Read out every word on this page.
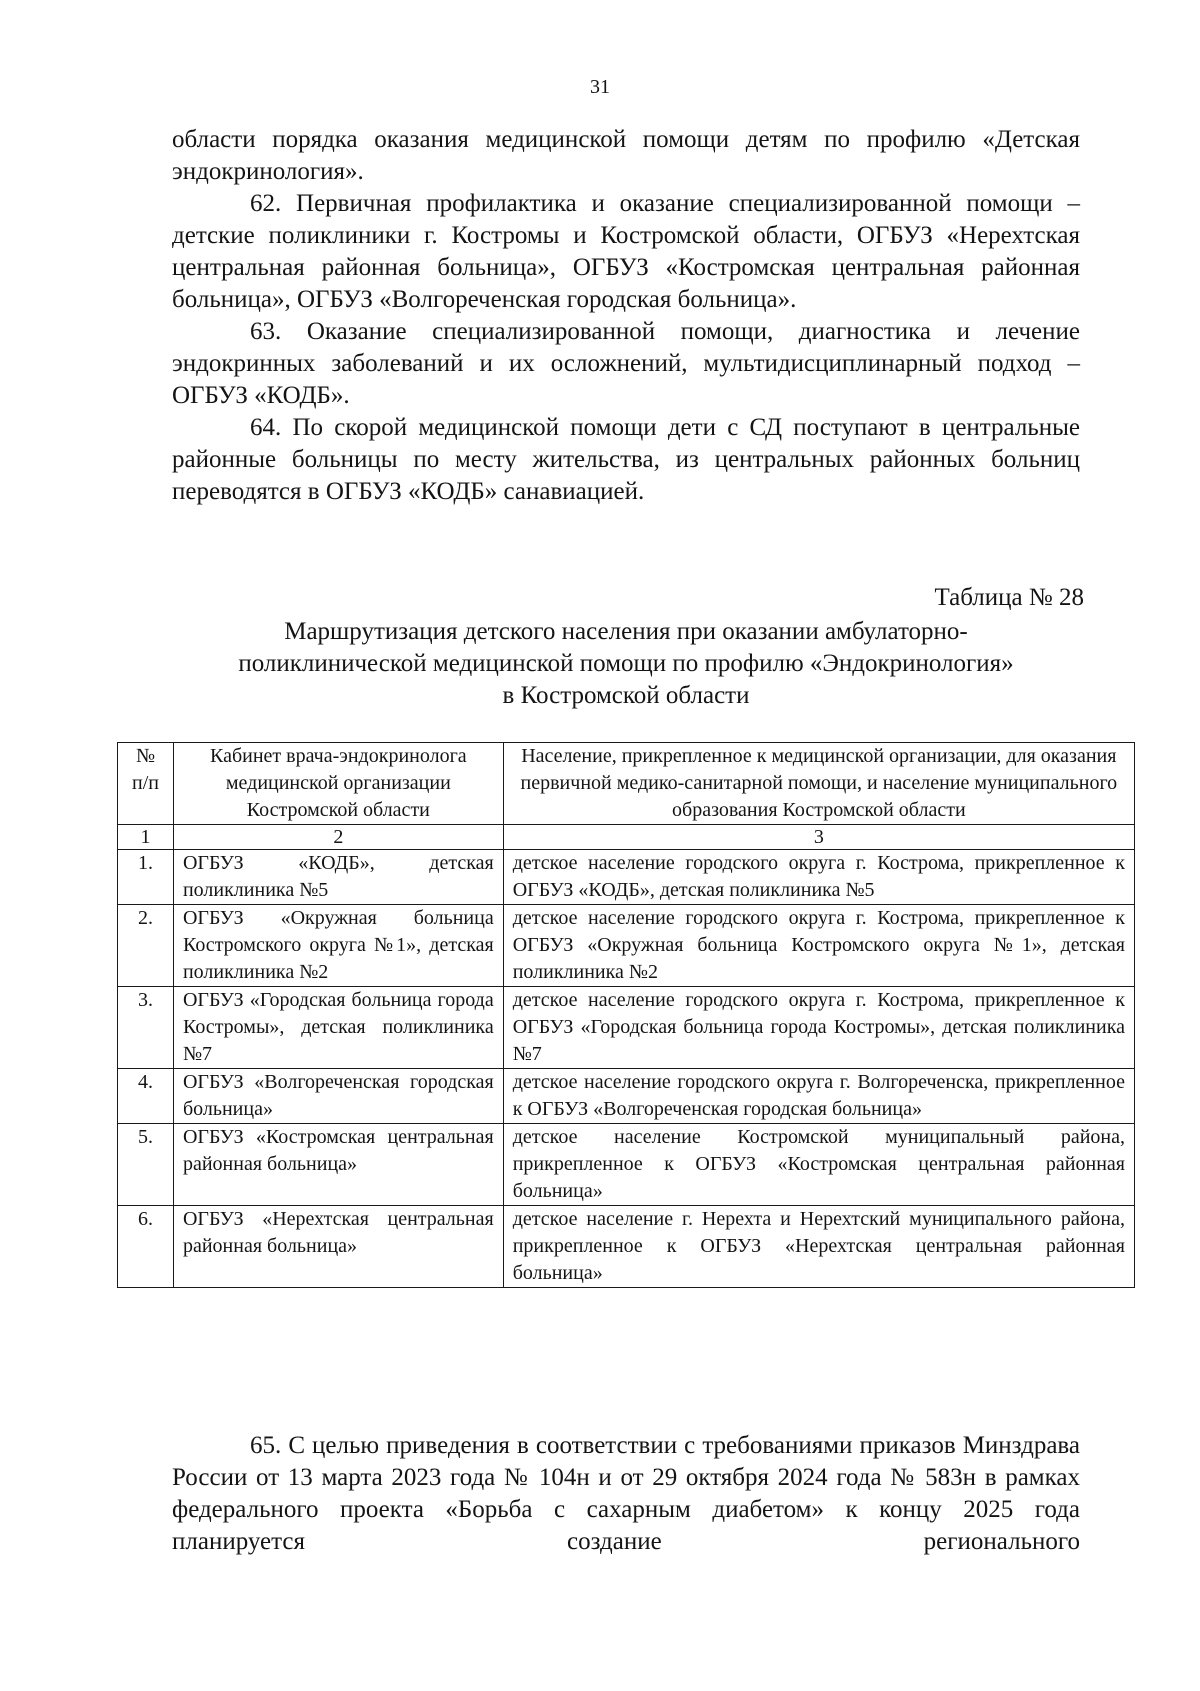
31

области порядка оказания медицинской помощи детям по профилю «Детская эндокринология».

62. Первичная профилактика и оказание специализированной помощи – детские поликлиники г. Костромы и Костромской области, ОГБУЗ «Нерехтская центральная районная больница», ОГБУЗ «Костромская центральная районная больница», ОГБУЗ «Волгореченская городская больница».

63. Оказание специализированной помощи, диагностика и лечение эндокринных заболеваний и их осложнений, мультидисциплинарный подход – ОГБУЗ «КОДБ».

64. По скорой медицинской помощи дети с СД поступают в центральные районные больницы по месту жительства, из центральных районных больниц переводятся в ОГБУЗ «КОДБ» санавиацией.

Таблица № 28
Маршрутизация детского населения при оказании амбулаторно-
поликлинической медицинской помощи по профилю «Эндокринология»
в Костромской области
№ п/п	Кабинет врача-эндокринолога медицинской организации Костромской области	Население, прикрепленное к медицинской организации, для оказания первичной медико-санитарной помощи, и население муниципального образования Костромской области
1	2	3
1.	ОГБУЗ «КОДБ», детская поликлиника №5	детское население городского округа г. Кострома, прикрепленное к ОГБУЗ «КОДБ», детская поликлиника №5
2.	ОГБУЗ «Окружная больница Костромского округа №1», детская поликлиника №2	детское население городского округа г. Кострома, прикрепленное к ОГБУЗ «Окружная больница Костромского округа №1», детская поликлиника №2
3.	ОГБУЗ «Городская больница города Костромы», детская поликлиника №7	детское население городского округа г. Кострома, прикрепленное к ОГБУЗ «Городская больница города Костромы», детская поликлиника №7
4.	ОГБУЗ «Волгореченская городская больница»	детское население городского округа г. Волгореченска, прикрепленное к ОГБУЗ «Волгореченская городская больница»
5.	ОГБУЗ «Костромская центральная районная больница»	детское население Костромской муниципальный района, прикрепленное к ОГБУЗ «Костромская центральная районная больница»
6.	ОГБУЗ «Нерехтская центральная районная больница»	детское население г. Нерехта и Нерехтский муниципального района, прикрепленное к ОГБУЗ «Нерехтская центральная районная больница»

65. С целью приведения в соответствии с требованиями приказов Минздрава России от 13 марта 2023 года № 104н и от 29 октября 2024 года № 583н в рамках федерального проекта «Борьба с сахарным диабетом» к концу 2025 года планируется создание регионального
